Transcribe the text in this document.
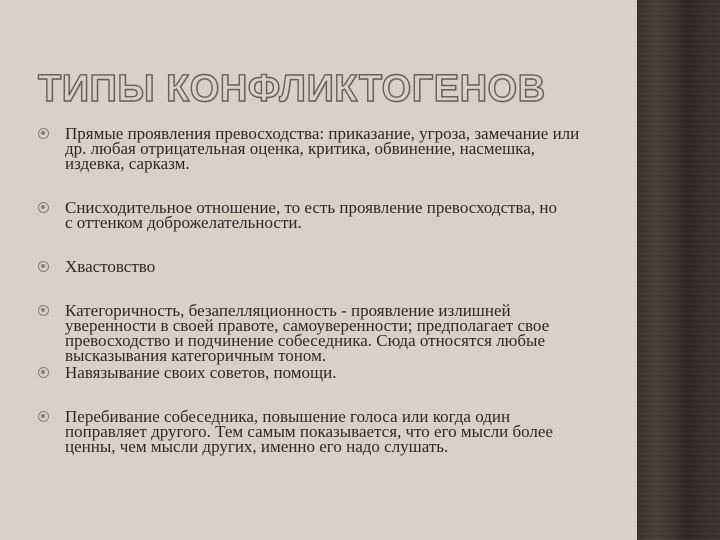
ТИПЫ КОНФЛИКТОГЕНОВ
Прямые проявления превосходства: приказание, угроза, замечание или др. любая отрицательная оценка, критика, обвинение, насмешка, издевка, сарказм.
Снисходительное отношение, то есть проявление превосходства, но с оттенком доброжелательности.
Хвастовство
Категоричность, безапелляционность - проявление излишней уверенности в своей правоте, самоуверенности; предполагает свое превосходство и подчинение собеседника. Сюда относятся любые высказывания категоричным тоном.
Навязывание своих советов, помощи.
Перебивание собеседника, повышение голоса или когда один поправляет другого. Тем самым показывается, что его мысли более ценны, чем мысли других, именно его надо слушать.
